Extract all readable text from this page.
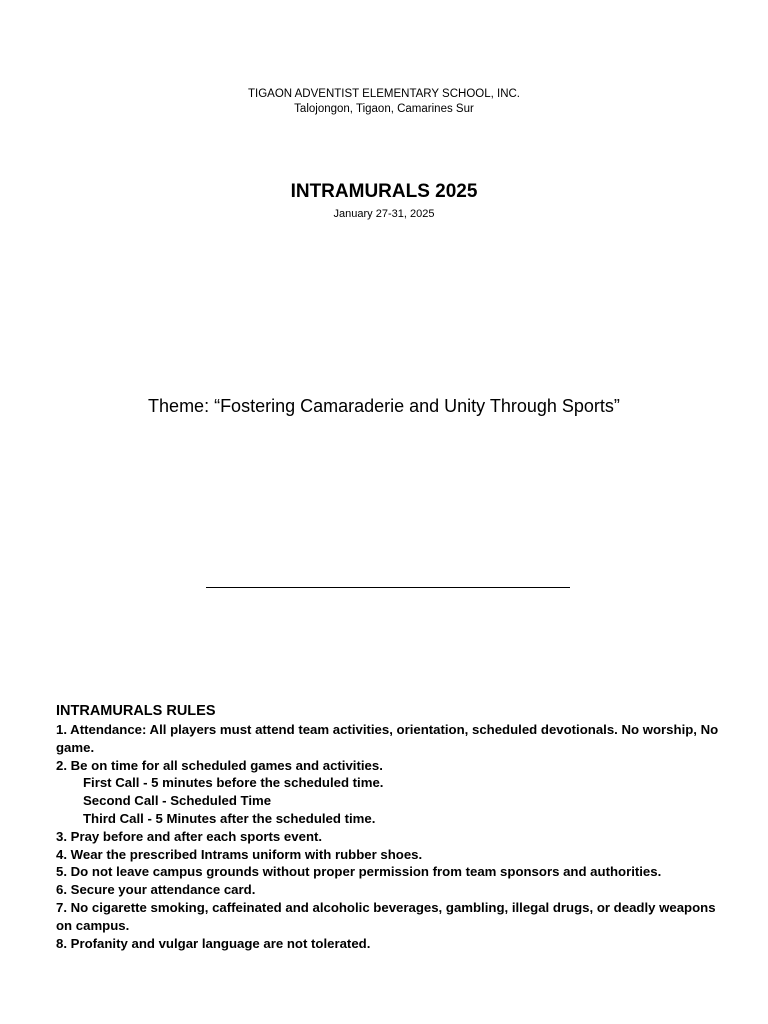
TIGAON ADVENTIST ELEMENTARY SCHOOL, INC.
Talojongon, Tigaon, Camarines Sur
INTRAMURALS 2025
January 27-31, 2025
Theme: “Fostering Camaraderie and Unity Through Sports”
INTRAMURALS RULES

1. Attendance: All players must attend team activities, orientation, scheduled devotionals. No worship, No game.

2. Be on time for all scheduled games and activities.

First Call - 5 minutes before the scheduled time.

Second Call - Scheduled Time

Third Call - 5 Minutes after the scheduled time.

3. Pray before and after each sports event.

4. Wear the prescribed Intrams uniform with rubber shoes.

5. Do not leave campus grounds without proper permission from team sponsors and authorities.

6. Secure your attendance card.

7. No cigarette smoking, caffeinated and alcoholic beverages, gambling, illegal drugs, or deadly weapons on campus.

8. Profanity and vulgar language are not tolerated.
